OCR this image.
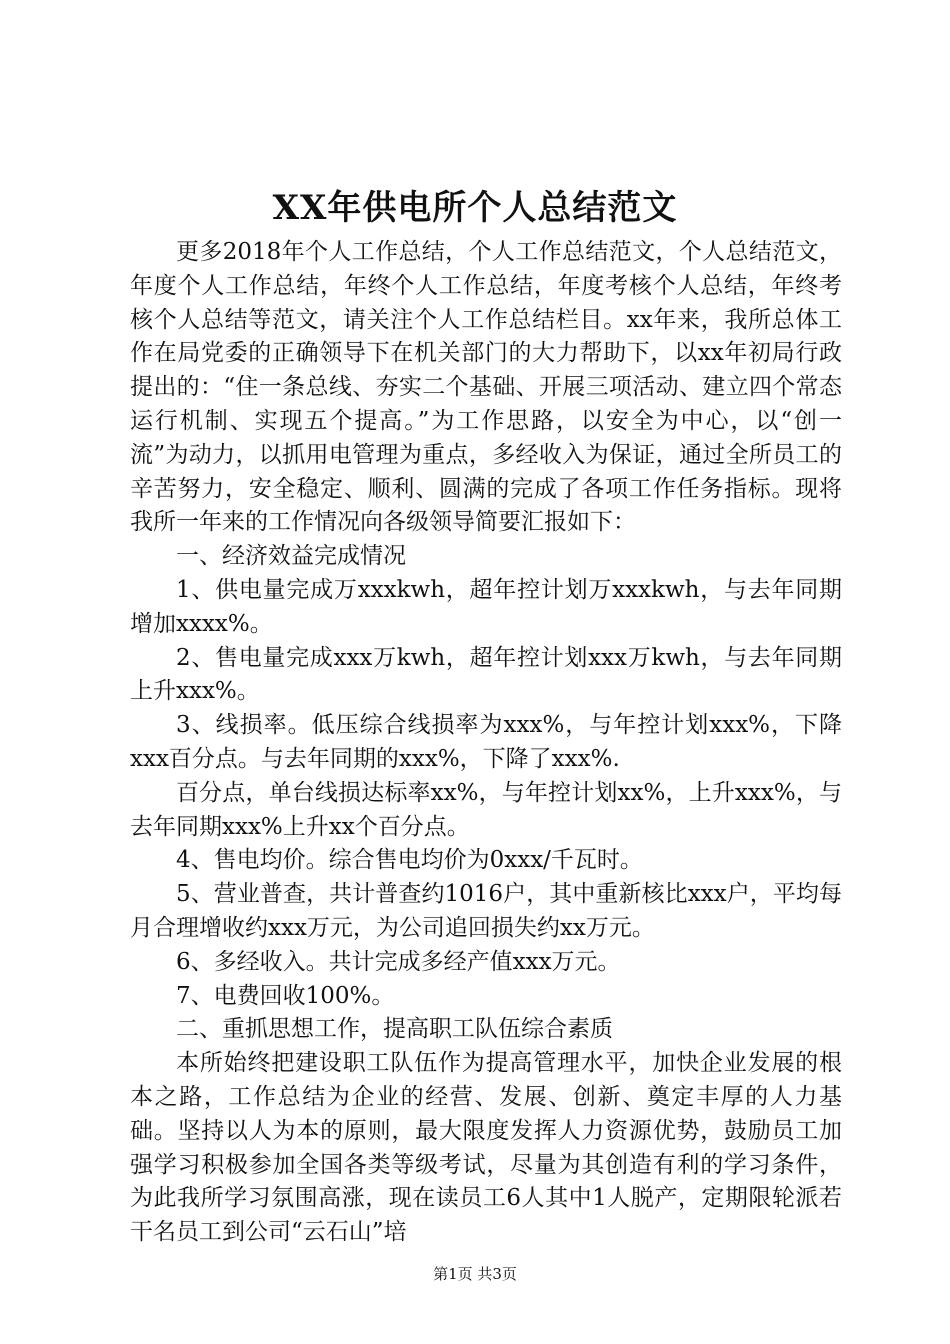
XX年供电所个人总结范文

更多2018年个人工作总结，个人工作总结范文，个人总结范文，年度个人工作总结，年终个人工作总结，年度考核个人总结，年终考核个人总结等范文，请关注个人工作总结栏目。xx年来，我所总体工作在局党委的正确领导下在机关部门的大力帮助下，以xx年初局行政提出的：“住一条总线、夯实二个基础、开展三项活动、建立四个常态运行机制、实现五个提高。”为工作思路，以安全为中心，以“创一流”为动力，以抓用电管理为重点，多经收入为保证，通过全所员工的辛苦努力，安全稳定、顺利、圆满的完成了各项工作任务指标。现将我所一年来的工作情况向各级领导简要汇报如下：

一、经济效益完成情况

1、供电量完成万xxxkwh，超年控计划万xxxkwh，与去年同期增加xxxx%。

2、售电量完成xxx万kwh，超年控计划xxx万kwh，与去年同期上升xxx%。

3、线损率。低压综合线损率为xxx%，与年控计划xxx%，下降xxx百分点。与去年同期的xxx%，下降了xxx%.

百分点，单台线损达标率xx%，与年控计划xx%，上升xxx%，与去年同期xxx%上升xx个百分点。

4、售电均价。综合售电均价为0xxx/千瓦时。

5、营业普查，共计普查约1016户，其中重新核比xxx户，平均每月合理增收约xxx万元，为公司追回损失约xx万元。

6、多经收入。共计完成多经产值xxx万元。

7、电费回收100%。

二、重抓思想工作，提高职工队伍综合素质

本所始终把建设职工队伍作为提高管理水平，加快企业发展的根本之路，工作总结为企业的经营、发展、创新、奠定丰厚的人力基础。坚持以人为本的原则，最大限度发挥人力资源优势，鼓励员工加强学习积极参加全国各类等级考试，尽量为其创造有利的学习条件，为此我所学习氛围高涨，现在读员工6人其中1人脱产，定期限轮派若干名员工到公司“云石山”培

第1页 共3页
